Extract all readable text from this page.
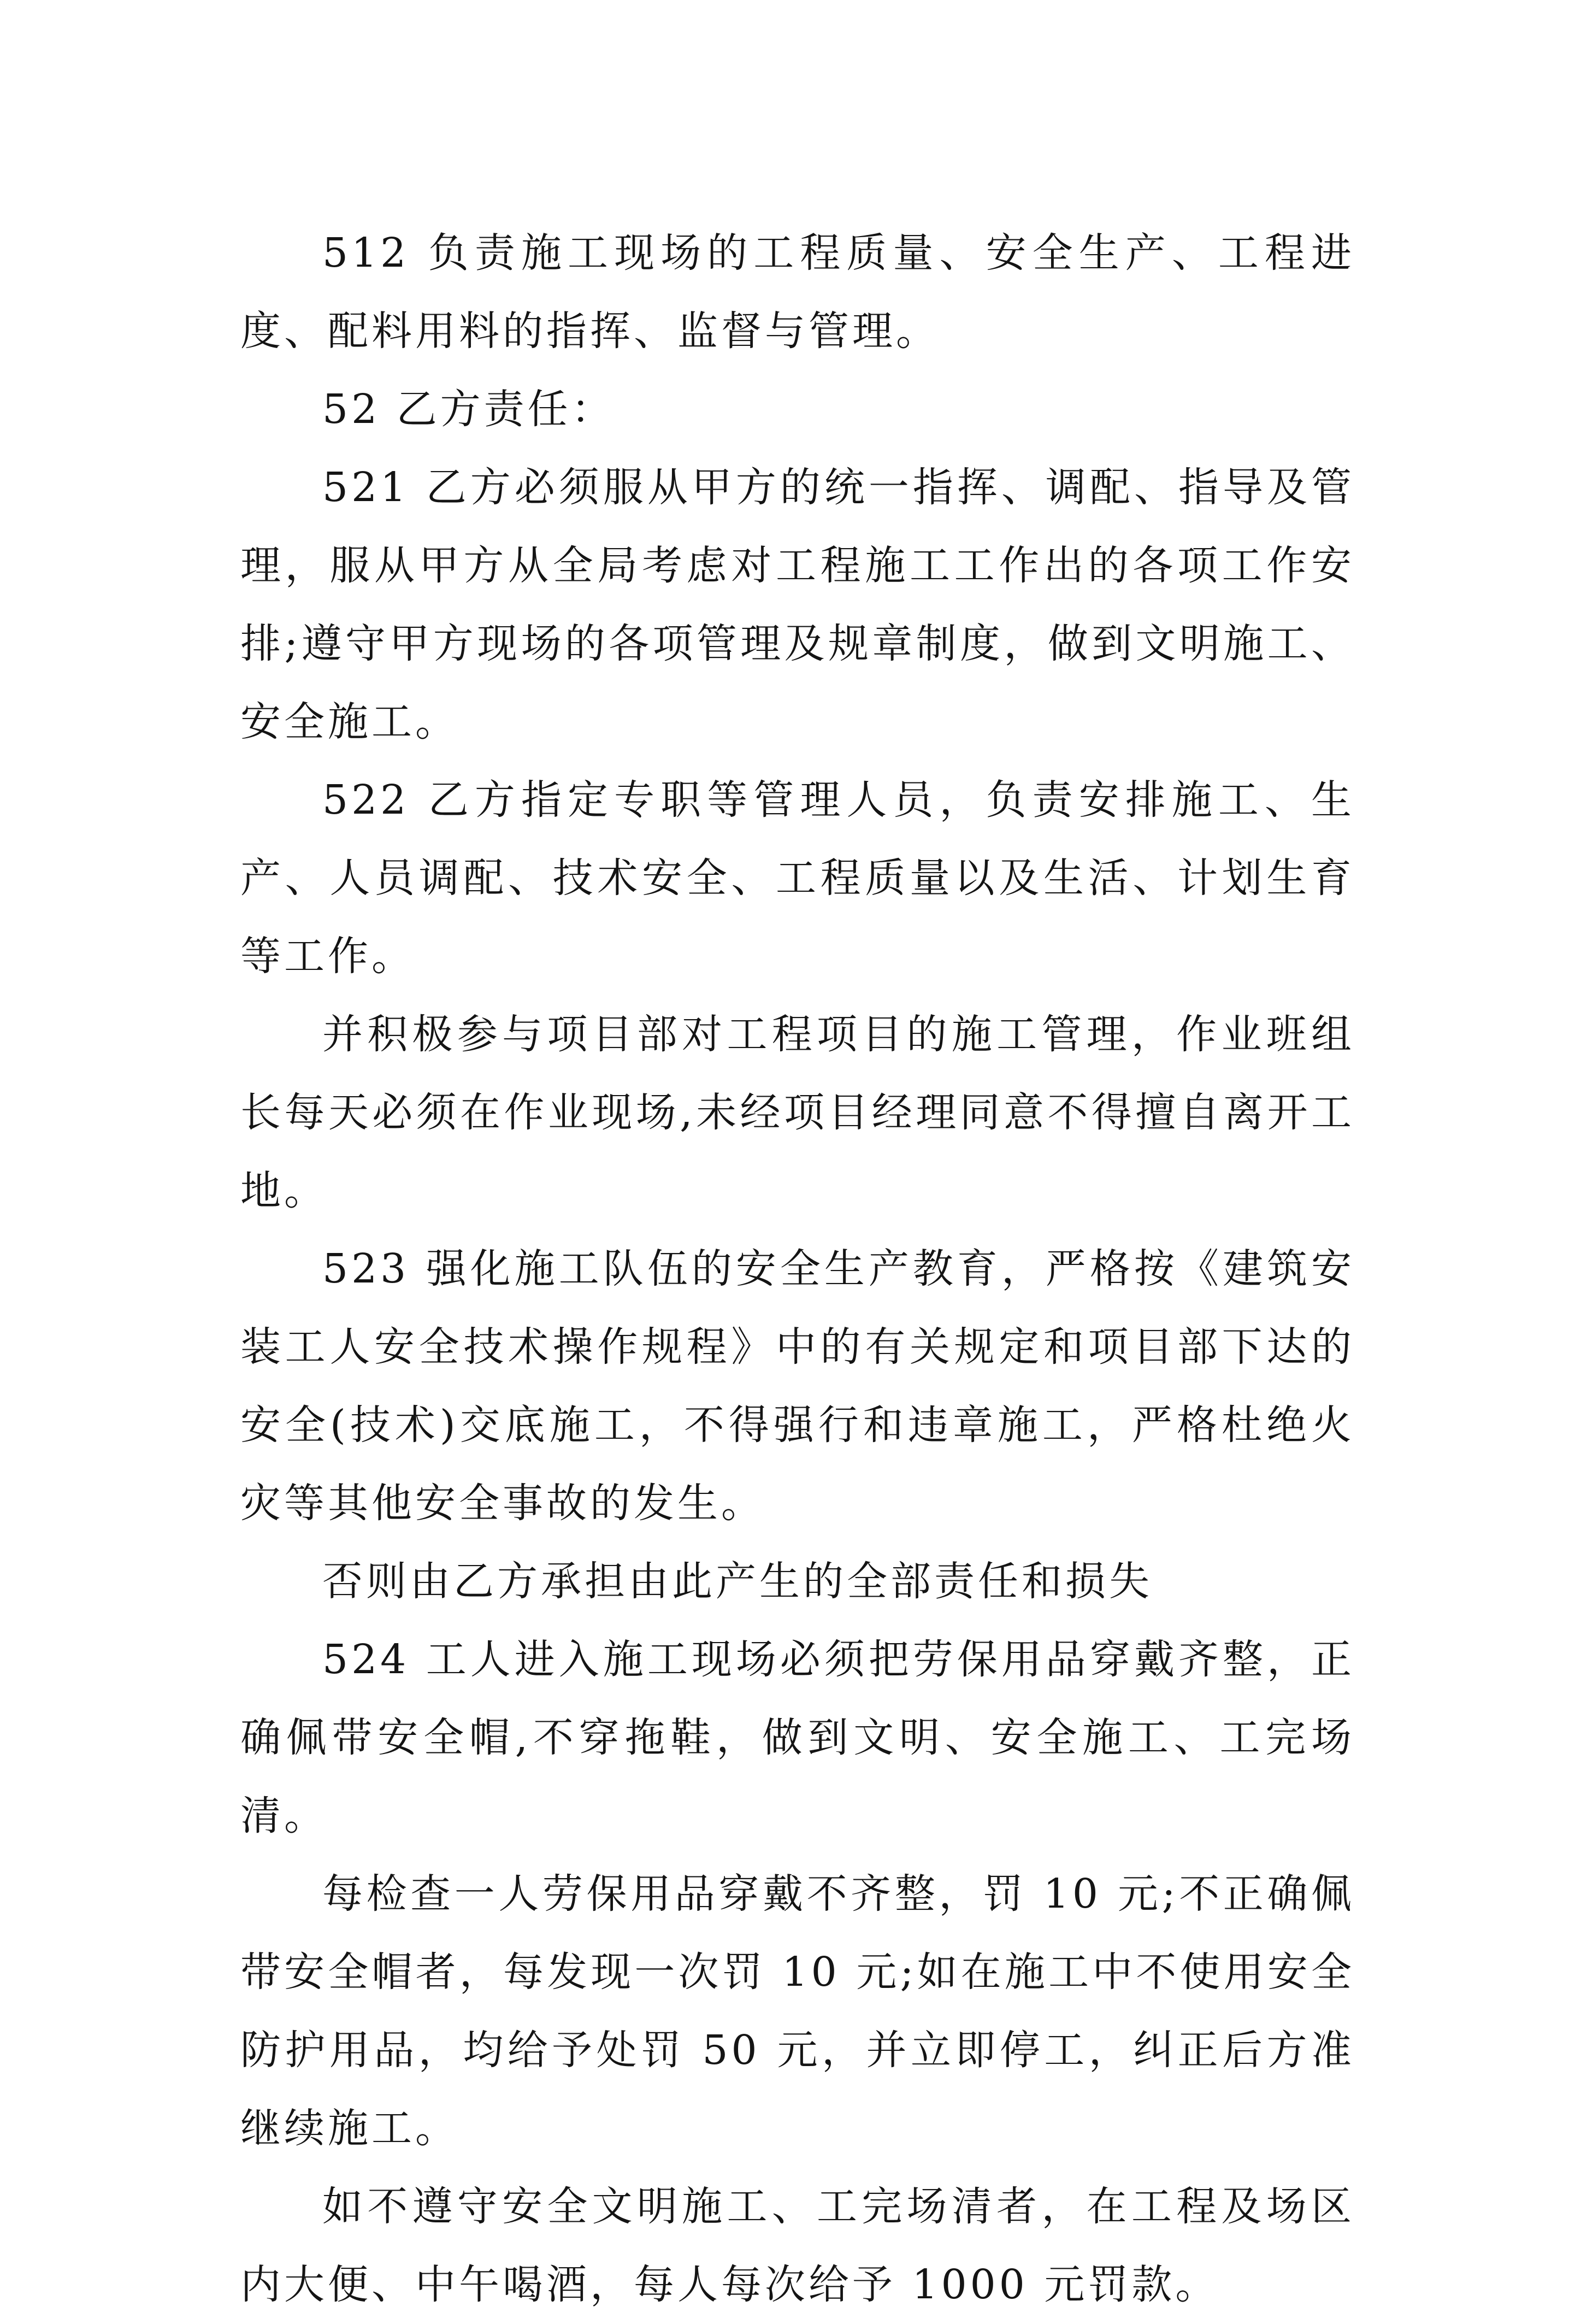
512 负责施工现场的工程质量、安全生产、工程进度、配料用料的指挥、监督与管理。

52 乙方责任：

521 乙方必须服从甲方的统一指挥、调配、指导及管理，服从甲方从全局考虑对工程施工工作出的各项工作安排;遵守甲方现场的各项管理及规章制度，做到文明施工、安全施工。

522 乙方指定专职等管理人员，负责安排施工、生产、人员调配、技术安全、工程质量以及生活、计划生育等工作。

并积极参与项目部对工程项目的施工管理，作业班组长每天必须在作业现场,未经项目经理同意不得擅自离开工地。

523 强化施工队伍的安全生产教育，严格按《建筑安装工人安全技术操作规程》中的有关规定和项目部下达的安全(技术)交底施工，不得强行和违章施工，严格杜绝火灾等其他安全事故的发生。

否则由乙方承担由此产生的全部责任和损失

524 工人进入施工现场必须把劳保用品穿戴齐整，正确佩带安全帽,不穿拖鞋，做到文明、安全施工、工完场清。

每检查一人劳保用品穿戴不齐整，罚 10 元;不正确佩带安全帽者，每发现一次罚 10 元;如在施工中不使用安全防护用品，均给予处罚 50 元，并立即停工，纠正后方准继续施工。

如不遵守安全文明施工、工完场清者，在工程及场区内大便、中午喝酒，每人每次给予 1000 元罚款。
